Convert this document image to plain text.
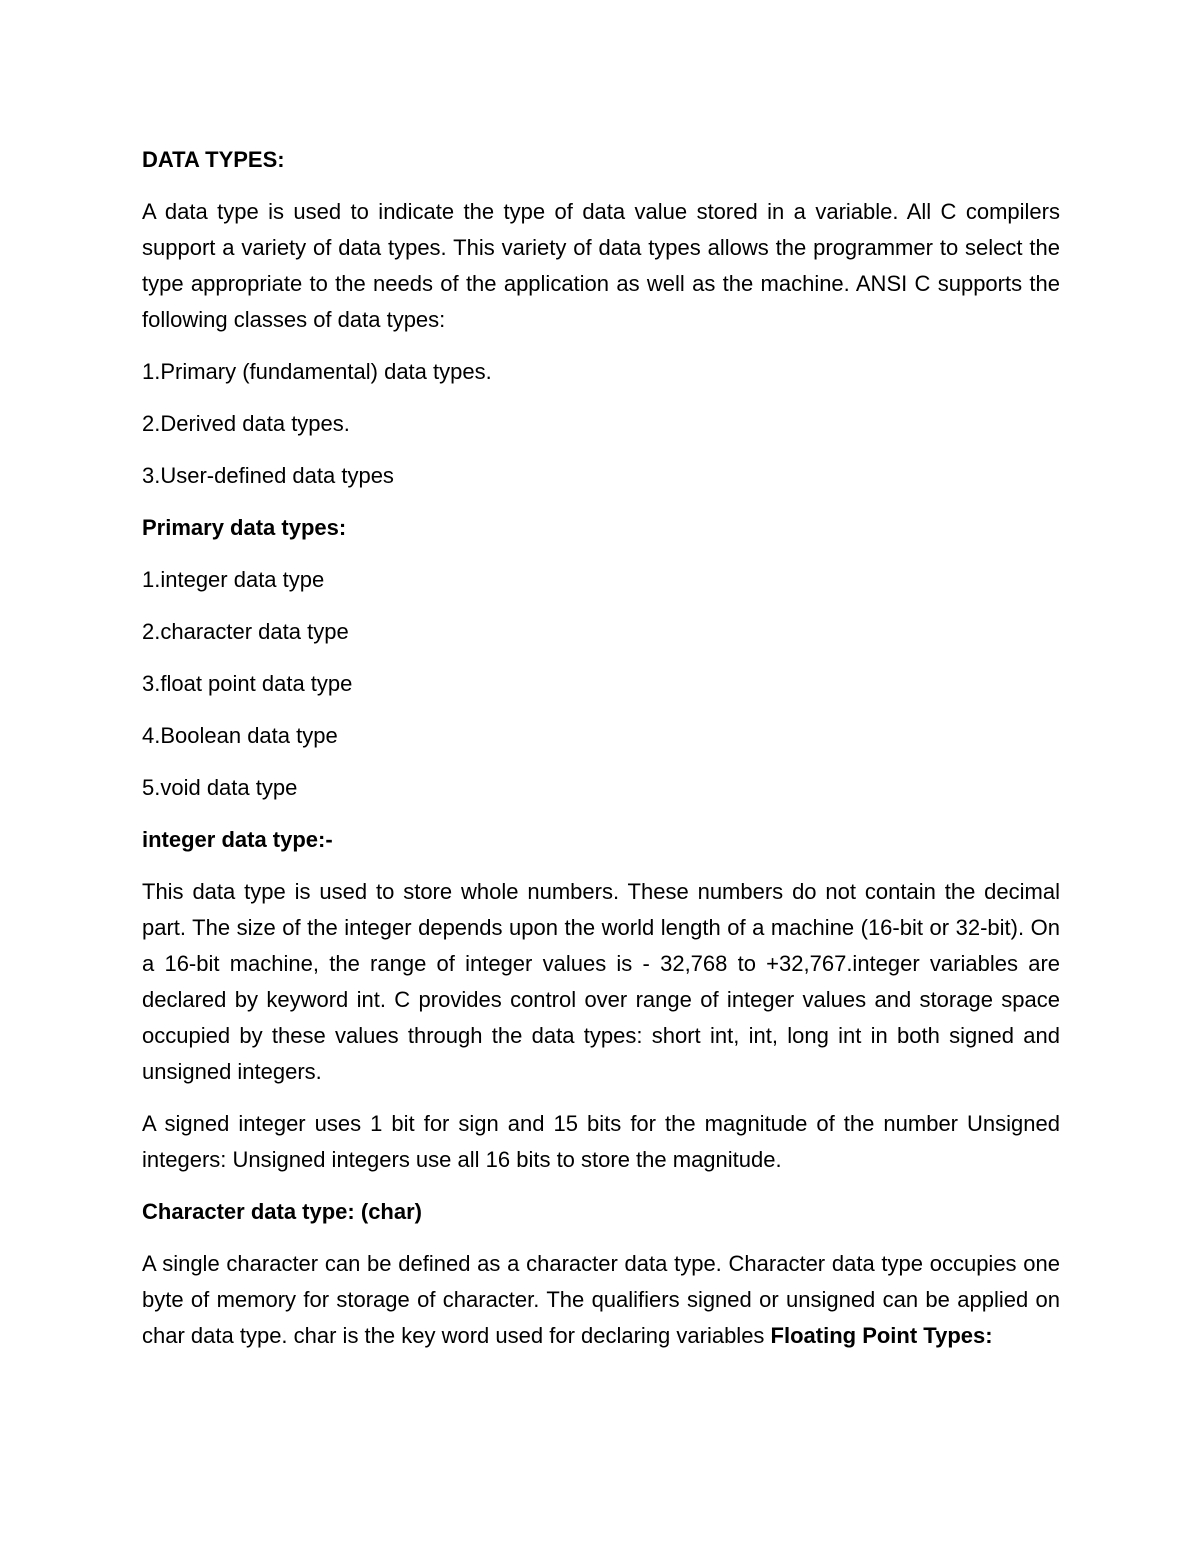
DATA TYPES:

A data type is used to indicate the type of data value stored in a variable. All C compilers support a variety of data types. This variety of data types allows the programmer to select the type appropriate to the needs of the application as well as the machine. ANSI C supports the following classes of data types:

1.Primary (fundamental) data types.

2.Derived data types.

3.User-defined data types

Primary data types:

1.integer data type

2.character data type

3.float point data type

4.Boolean data type

5.void data type

integer data type:-

This data type is used to store whole numbers. These numbers do not contain the decimal part. The size of the integer depends upon the world length of a machine (16-bit or 32-bit). On a 16-bit machine, the range of integer values is - 32,768 to +32,767.integer variables are declared by keyword int. C provides control over range of integer values and storage space occupied by these values through the data types: short int, int, long int in both signed and unsigned integers.

A signed integer uses 1 bit for sign and 15 bits for the magnitude of the number Unsigned integers: Unsigned integers use all 16 bits to store the magnitude.

Character data type: (char)

A single character can be defined as a character data type. Character data type occupies one byte of memory for storage of character. The qualifiers signed or unsigned can be applied on char data type. char is the key word used for declaring variables Floating Point Types:
